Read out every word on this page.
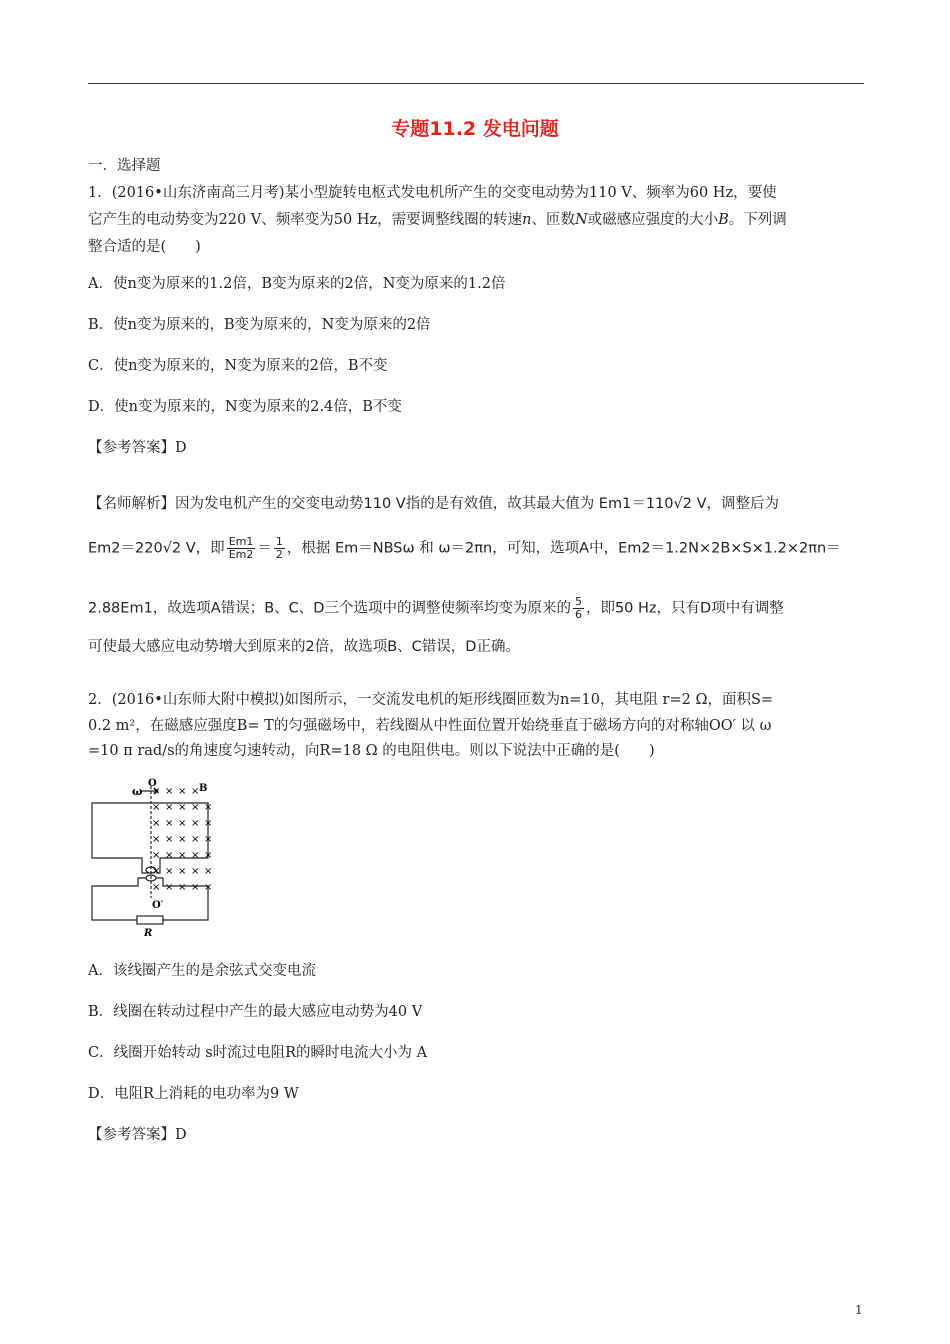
专题11.2 发电问题
一．选择题
1．(2016•山东济南高三月考)某小型旋转电枢式发电机所产生的交变电动势为110 V、频率为60 Hz，要使
它产生的电动势变为220 V、频率变为50 Hz，需要调整线圈的转速n、匝数N或磁感应强度的大小B。下列调
整合适的是(　　)
A．使n变为原来的1.2倍，B变为原来的2倍，N变为原来的1.2倍
B．使n变为原来的，B变为原来的，N变为原来的2倍
C．使n变为原来的，N变为原来的2倍，B不变
D．使n变为原来的，N变为原来的2.4倍，B不变
【参考答案】D
【名师解析】因为发电机产生的交变电动势110 V指的是有效值，故其最大值为 Em1＝110√2 V，调整后为
Em2＝220√2 V，即 $\frac{Em1}{Em2} = \frac{1}{2}$ ，根据 Em＝NBSω 和 ω＝2πn，可知，选项A中，Em2＝1.2N×2B×S×1.2×2πn＝
2.88Em1，故选项A错误；B、C、D三个选项中的调整使频率均变为原来的 $\frac{5}{6}$ ，即50 Hz，只有D项中有调整
可使最大感应电动势增大到原来的2倍，故选项B、C错误，D正确。
2．(2016•山东师大附中模拟)如图所示，一交流发电机的矩形线圈匝数为n=10，其电阻 r=2 Ω，面积S=
0.2 m²，在磁感应强度B= T的匀强磁场中，若线圈从中性面位置开始绕垂直于磁场方向的对称轴OO′ 以 ω
=10 π rad/s的角速度匀速转动，向R=18 Ω 的电阻供电。则以下说法中正确的是(　　)
ω
O	B
O′
R
× × × ×
× × × × ×
× × × × ×
× × × × ×
× × × × ×
× × × × ×
× × × × ×
A．该线圈产生的是余弦式交变电流
B．线圈在转动过程中产生的最大感应电动势为40 V
C．线圈开始转动 s时流过电阻R的瞬时电流大小为 A
D．电阻R上消耗的电功率为9 W
【参考答案】D
1
